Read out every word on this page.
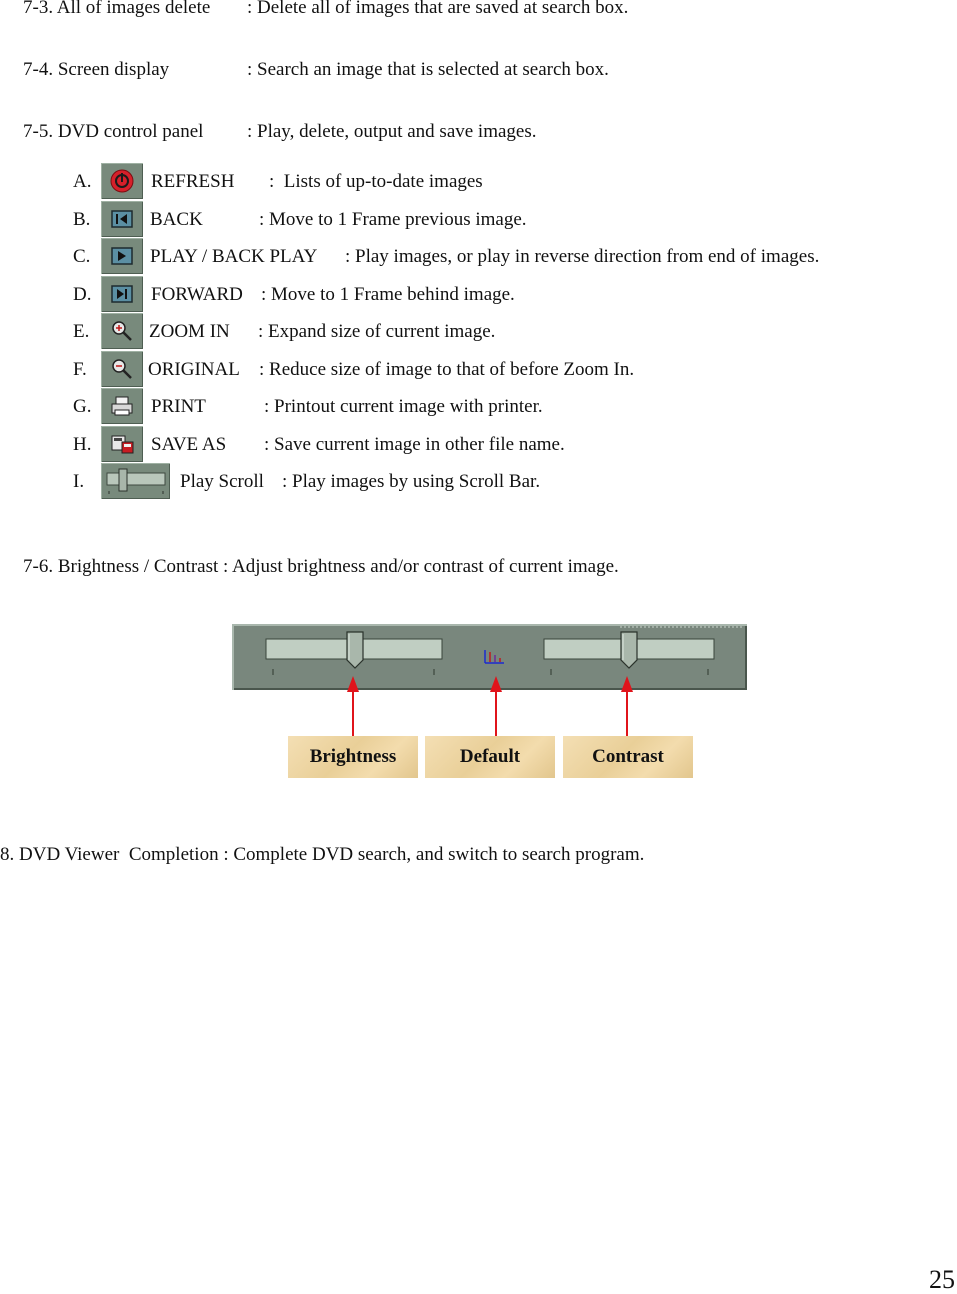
7-3. All of images delete : Delete all of images that are saved at search box.
7-4. Screen display	: Search an image that is selected at search box.
7-5. DVD control panel : Play, delete, output and save images.
A.	REFRESH :  Lists of up-to-date images
B.	BACK	: Move to 1 Frame previous image.
C.	PLAY / BACK PLAY : Play images, or play in reverse direction from end of images.
D.	FORWARD : Move to 1 Frame behind image.
E.	ZOOM IN : Expand size of current image.
F.	ORIGINAL : Reduce size of image to that of before Zoom In.
G.	PRINT	: Printout current image with printer.
H.	SAVE AS : Save current image in other file name.
I.	Play Scroll : Play images by using Scroll Bar.
7-6. Brightness / Contrast : Adjust brightness and/or contrast of current image.
Brightness	Default	Contrast
8. DVD Viewer  Completion : Complete DVD search, and switch to search program.
25
